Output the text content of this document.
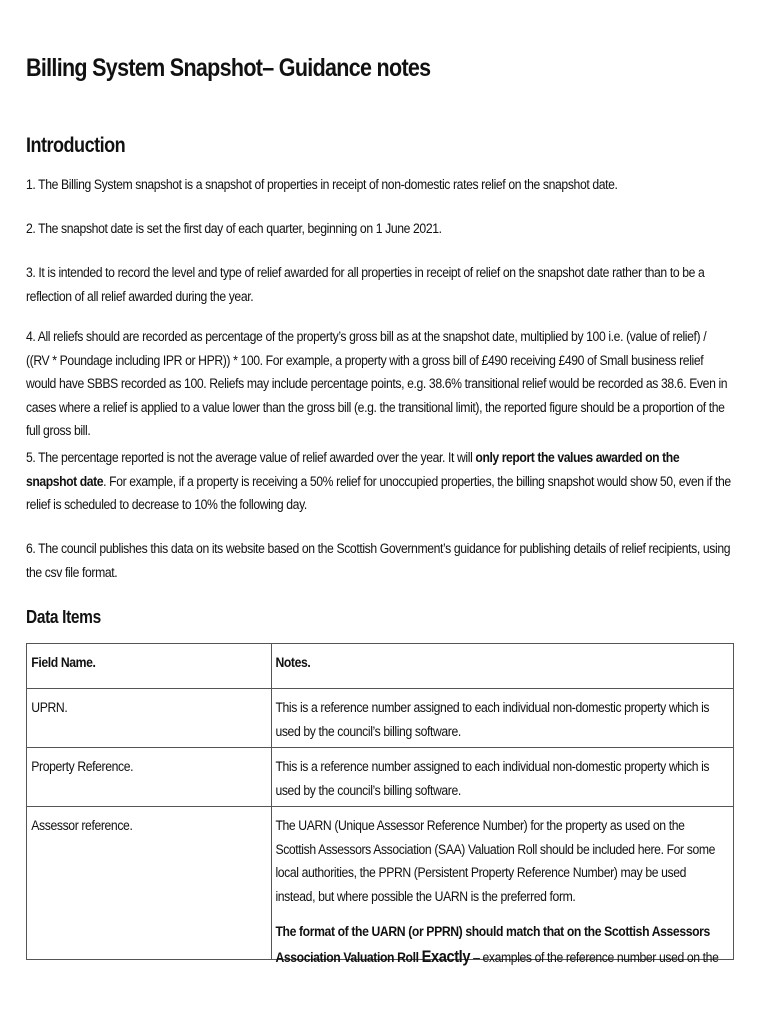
Billing System Snapshot– Guidance notes
Introduction
1. The Billing System snapshot is a snapshot of properties in receipt of non-domestic rates relief on the snapshot date.
2. The snapshot date is set the first day of each quarter, beginning on 1 June 2021.
3. It is intended to record the level and type of relief awarded for all properties in receipt of relief on the snapshot date rather than to be a reflection of all relief awarded during the year.
4. All reliefs should are recorded as percentage of the property’s gross bill as at the snapshot date, multiplied by 100 i.e. (value of relief) / ((RV * Poundage including IPR or HPR)) * 100. For example, a property with a gross bill of £490 receiving £490 of Small business relief would have SBBS recorded as 100. Reliefs may include percentage points, e.g. 38.6% transitional relief would be recorded as 38.6. Even in cases where a relief is applied to a value lower than the gross bill (e.g. the transitional limit), the reported figure should be a proportion of the full gross bill.
5. The percentage reported is not the average value of relief awarded over the year. It will only report the values awarded on the snapshot date. For example, if a property is receiving a 50% relief for unoccupied properties, the billing snapshot would show 50, even if the relief is scheduled to decrease to 10% the following day.
6. The council publishes this data on its website based on the Scottish Government’s guidance for publishing details of relief recipients, using the csv file format.
Data Items
Field Name.	Notes.

UPRN.	This is a reference number assigned to each individual non-domestic property which is used by the council’s billing software.

Property Reference.	This is a reference number assigned to each individual non-domestic property which is used by the council’s billing software.

Assessor reference.	The UARN (Unique Assessor Reference Number) for the property as used on the Scottish Assessors Association (SAA) Valuation Roll should be included here. For some local authorities, the PPRN (Persistent Property Reference Number) may be used instead, but where possible the UARN is the preferred form.
The format of the UARN (or PPRN) should match that on the Scottish Assessors Association Valuation Roll Exactly – examples of the reference number used on the
